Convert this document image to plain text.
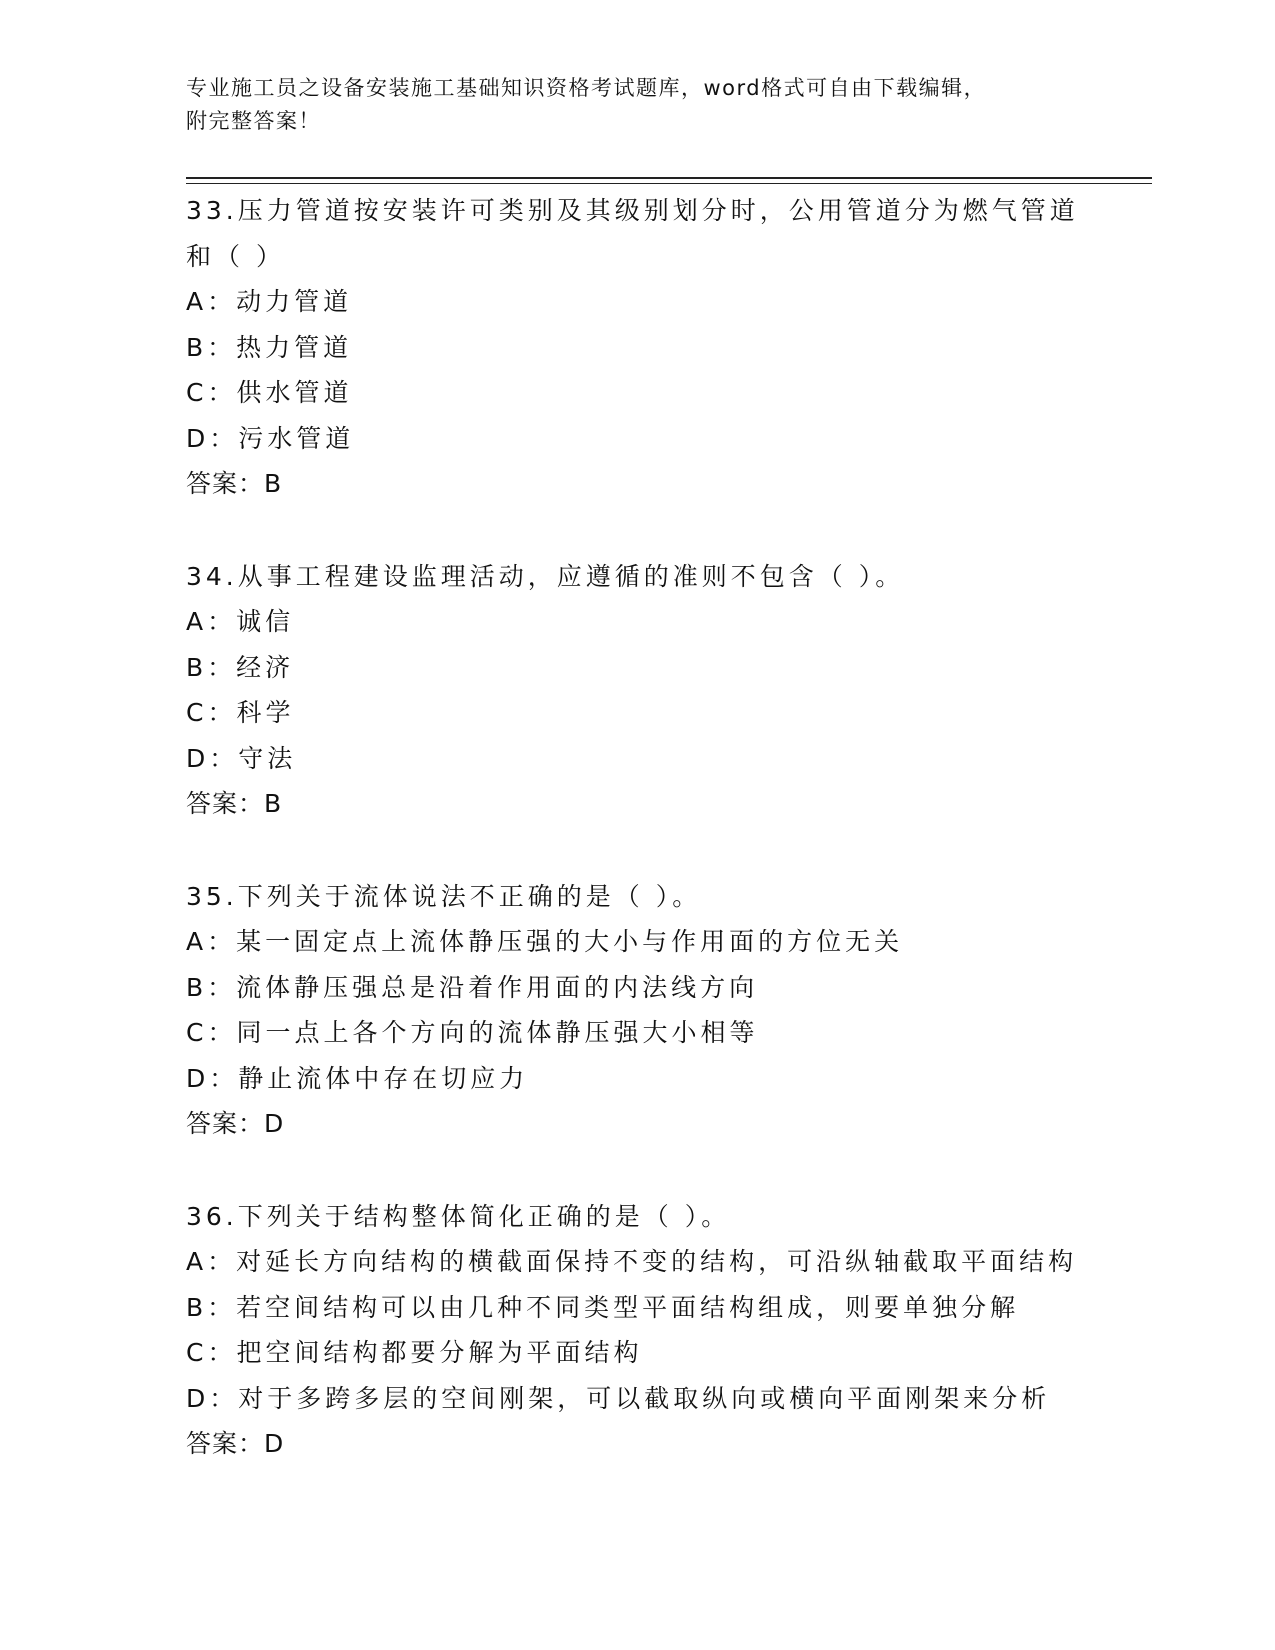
专业施工员之设备安装施工基础知识资格考试题库，word格式可自由下载编辑，
附完整答案！
33.压力管道按安装许可类别及其级别划分时，公用管道分为燃气管道
和（ ）
A：动力管道
B：热力管道
C：供水管道
D：污水管道
答案：B
34.从事工程建设监理活动，应遵循的准则不包含（ ）。
A：诚信
B：经济
C：科学
D：守法
答案：B
35.下列关于流体说法不正确的是（ ）。
A：某一固定点上流体静压强的大小与作用面的方位无关
B：流体静压强总是沿着作用面的内法线方向
C：同一点上各个方向的流体静压强大小相等
D：静止流体中存在切应力
答案：D
36.下列关于结构整体简化正确的是（ ）。
A：对延长方向结构的横截面保持不变的结构，可沿纵轴截取平面结构
B：若空间结构可以由几种不同类型平面结构组成，则要单独分解
C：把空间结构都要分解为平面结构
D：对于多跨多层的空间刚架，可以截取纵向或横向平面刚架来分析
答案：D
